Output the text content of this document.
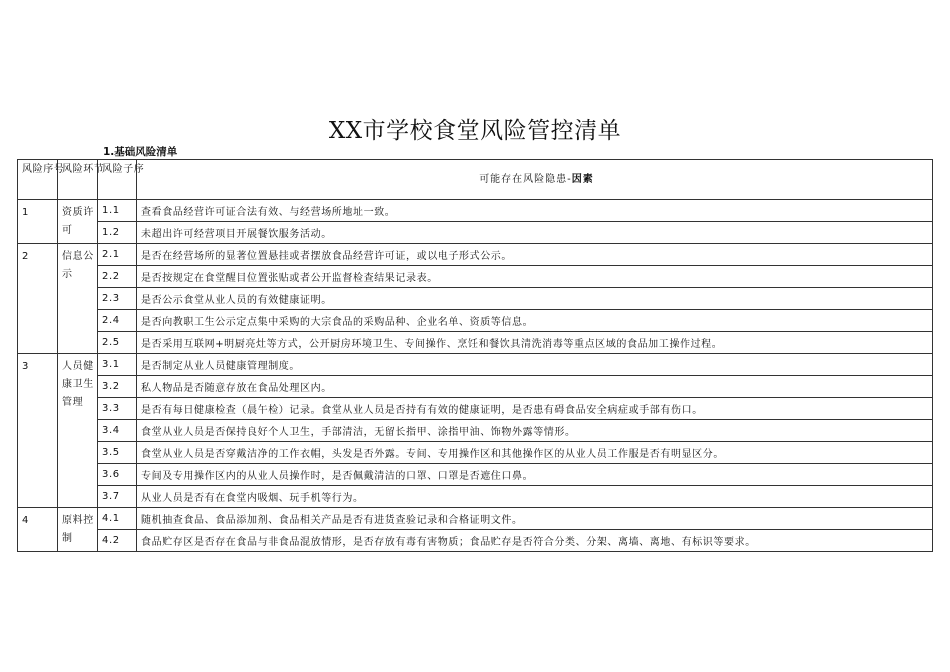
XX市学校食堂风险管控清单
1.基础风险清单
风险序号	风险环节	风险子序	可能存在风险隐患-因素
1	资质许可	1.1	查看食品经营许可证合法有效、与经营场所地址一致。
		1.2	未超出许可经营项目开展餐饮服务活动。
2	信息公示	2.1	是否在经营场所的显著位置悬挂或者摆放食品经营许可证，或以电子形式公示。
		2.2	是否按规定在食堂醒目位置张贴或者公开监督检查结果记录表。
		2.3	是否公示食堂从业人员的有效健康证明。
		2.4	是否向教职工生公示定点集中采购的大宗食品的采购品种、企业名单、资质等信息。
		2.5	是否采用互联网+明厨亮灶等方式，公开厨房环境卫生、专间操作、烹饪和餐饮具清洗消毒等重点区域的食品加工操作过程。
3	人员健康卫生管理	3.1	是否制定从业人员健康管理制度。
		3.2	私人物品是否随意存放在食品处理区内。
		3.3	是否有每日健康检查（晨午检）记录。食堂从业人员是否持有有效的健康证明，是否患有碍食品安全病症或手部有伤口。
		3.4	食堂从业人员是否保持良好个人卫生，手部清洁，无留长指甲、涂指甲油、饰物外露等情形。
		3.5	食堂从业人员是否穿戴洁净的工作衣帽，头发是否外露。专间、专用操作区和其他操作区的从业人员工作服是否有明显区分。
		3.6	专间及专用操作区内的从业人员操作时，是否佩戴清洁的口罩、口罩是否遮住口鼻。
		3.7	从业人员是否有在食堂内吸烟、玩手机等行为。
4	原料控制	4.1	随机抽查食品、食品添加剂、食品相关产品是否有进货查验记录和合格证明文件。
		4.2	食品贮存区是否存在食品与非食品混放情形，是否存放有毒有害物质；食品贮存是否符合分类、分架、离墙、离地、有标识等要求。
